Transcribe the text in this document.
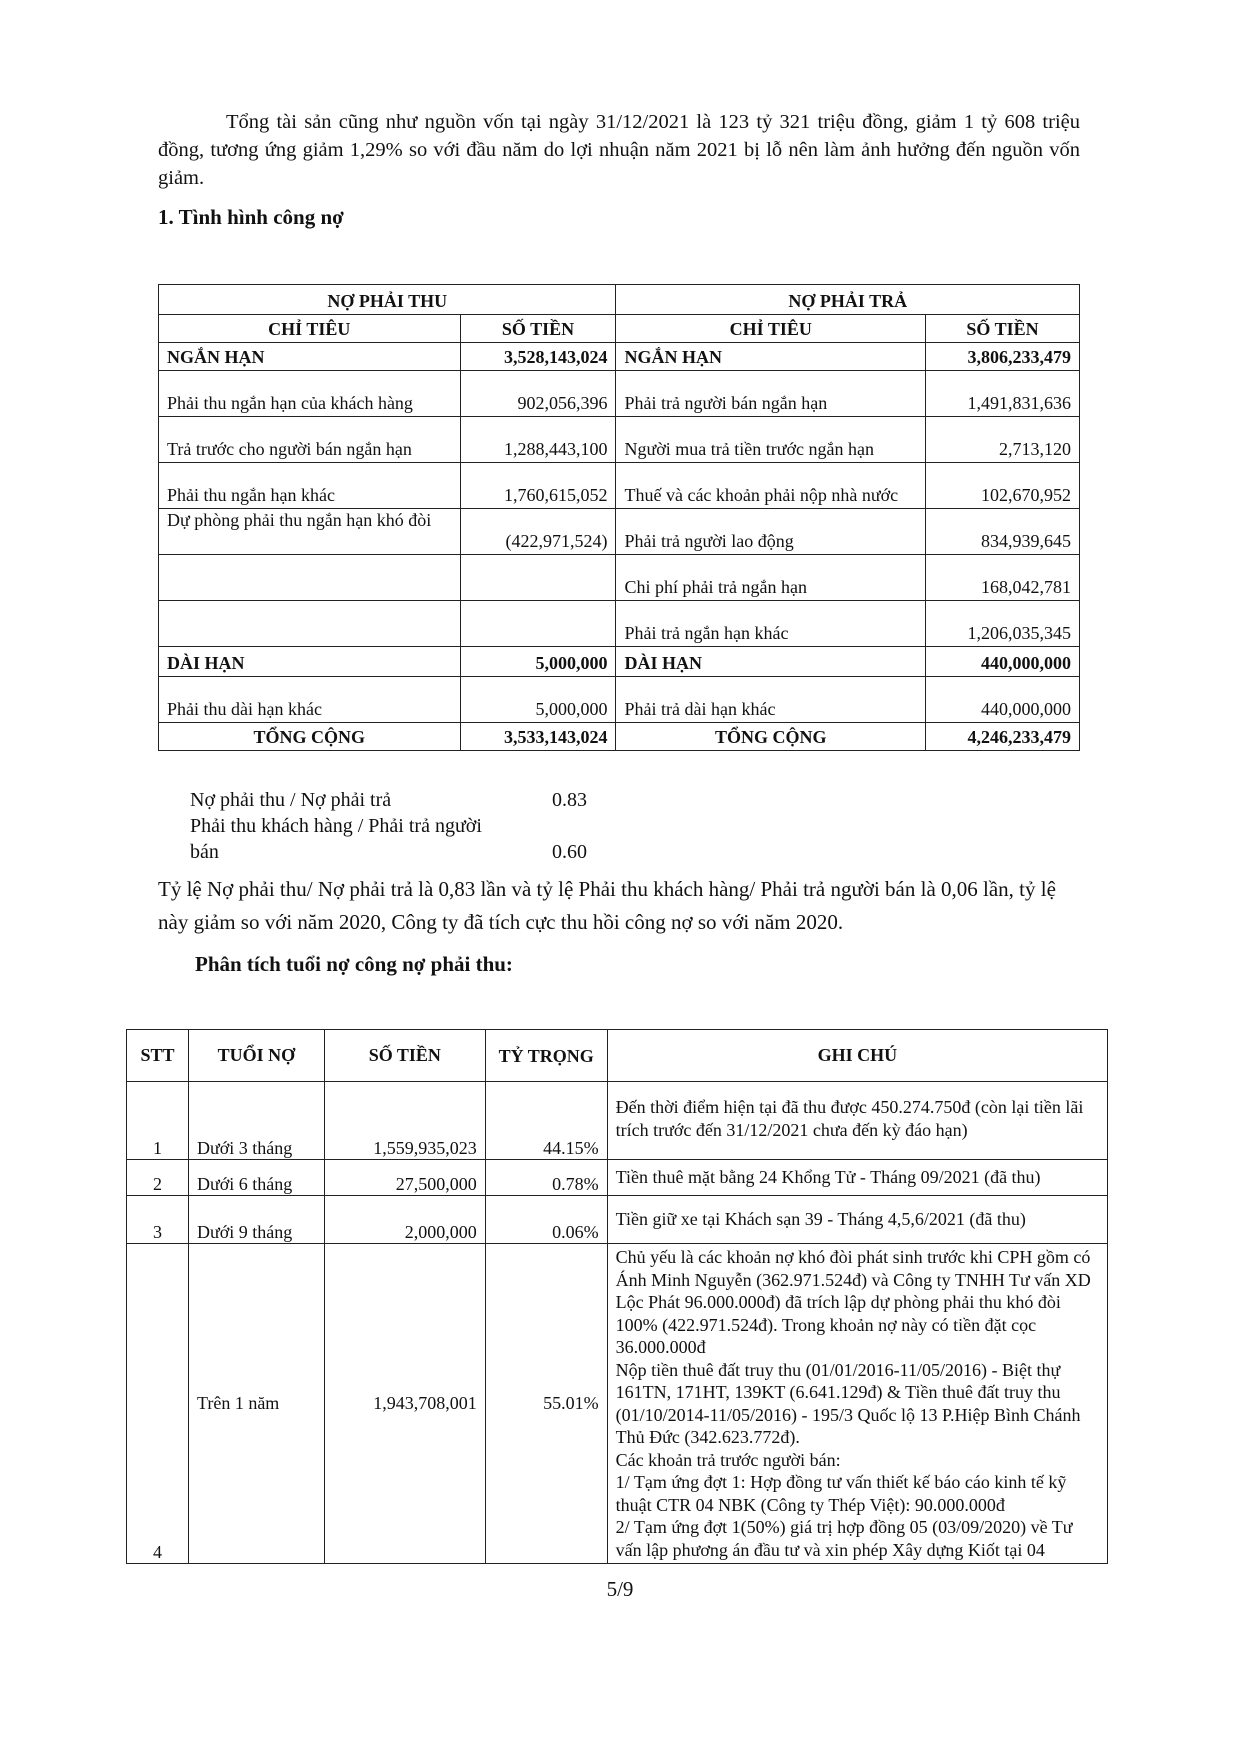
Tổng tài sản cũng như nguồn vốn tại ngày 31/12/2021 là 123 tỷ 321 triệu đồng, giảm 1 tỷ 608 triệu đồng, tương ứng giảm 1,29% so với đầu năm do lợi nhuận năm 2021 bị lỗ nên làm ảnh hưởng đến nguồn vốn giảm.

1. Tình hình công nợ

NỢ PHẢI THU		NỢ PHẢI TRẢ	
CHỈ TIÊU	SỐ TIỀN	CHỈ TIÊU	SỐ TIỀN
NGẮN HẠN	3,528,143,024	NGẮN HẠN	3,806,233,479
Phải thu ngắn hạn của khách hàng	902,056,396	Phải trả người bán ngắn hạn	1,491,831,636
Trả trước cho người bán ngắn hạn	1,288,443,100	Người mua trả tiền trước ngắn hạn	2,713,120
Phải thu ngắn hạn khác	1,760,615,052	Thuế và các khoản phải nộp nhà nước	102,670,952
Dự phòng phải thu ngắn hạn khó đòi	(422,971,524)	Phải trả người lao động	834,939,645
		Chi phí phải trả ngắn hạn	168,042,781
		Phải trả ngắn hạn khác	1,206,035,345
DÀI HẠN	5,000,000	DÀI HẠN	440,000,000
Phải thu dài hạn khác	5,000,000	Phải trả dài hạn khác	440,000,000
TỔNG CỘNG	3,533,143,024	TỔNG CỘNG	4,246,233,479
Nợ phải thu / Nợ phải trả	0.83
Phải thu khách hàng / Phải trả người bán	0.60

Tỷ lệ Nợ phải thu/ Nợ phải trả là 0,83 lần và tỷ lệ Phải thu khách hàng/ Phải trả người bán là 0,06 lần, tỷ lệ này giảm so với năm 2020, Công ty đã tích cực thu hồi công nợ so với năm 2020.

Phân tích tuổi nợ công nợ phải thu:

STT	TUỔI NỢ	SỐ TIỀN	TỶ TRỌNG	GHI CHÚ
1	Dưới 3 tháng	1,559,935,023	44.15%	Đến thời điểm hiện tại đã thu được 450.274.750đ (còn lại tiền lãi trích trước đến 31/12/2021 chưa đến kỳ đáo hạn)
2	Dưới 6 tháng	27,500,000	0.78%	Tiền thuê mặt bằng 24 Khổng Tử - Tháng 09/2021 (đã thu)
3	Dưới 9 tháng	2,000,000	0.06%	Tiền giữ xe tại Khách sạn 39 - Tháng 4,5,6/2021 (đã thu)
4	Trên 1 năm	1,943,708,001	55.01%	Chủ yếu là các khoản nợ khó đòi phát sinh trước khi CPH gồm có Ánh Minh Nguyễn (362.971.524đ) và Công ty TNHH Tư vấn XD Lộc Phát 96.000.000đ) đã trích lập dự phòng phải thu khó đòi 100% (422.971.524đ). Trong khoản nợ này có tiền đặt cọc 36.000.000đ
Nộp tiền thuê đất truy thu (01/01/2016-11/05/2016) - Biệt thự 161TN, 171HT, 139KT (6.641.129đ) & Tiền thuê đất truy thu (01/10/2014-11/05/2016) - 195/3 Quốc lộ 13 P.Hiệp Bình Chánh Thủ Đức (342.623.772đ).
Các khoản trả trước người bán:
1/ Tạm ứng đợt 1: Hợp đồng tư vấn thiết kế báo cáo kinh tế kỹ thuật CTR 04 NBK (Công ty Thép Việt): 90.000.000đ
2/ Tạm ứng đợt 1(50%) giá trị hợp đồng 05 (03/09/2020) về Tư vấn lập phương án đầu tư và xin phép Xây dựng Kiốt tại 04
5/9
